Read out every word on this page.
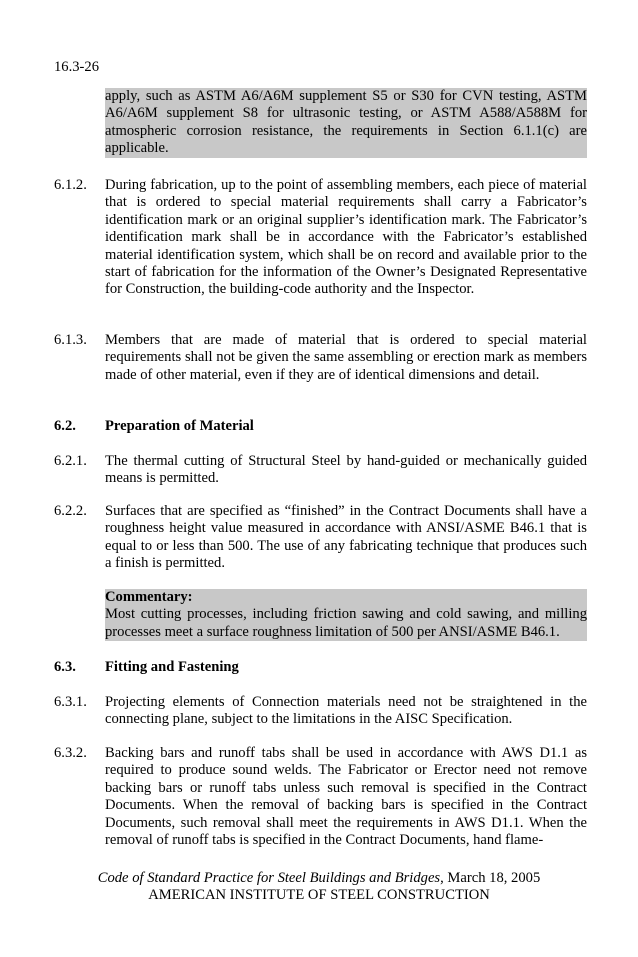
16.3-26
apply, such as ASTM A6/A6M supplement S5 or S30 for CVN testing, ASTM A6/A6M supplement S8 for ultrasonic testing, or ASTM A588/A588M for atmospheric corrosion resistance, the requirements in Section 6.1.1(c) are applicable.
6.1.2. During fabrication, up to the point of assembling members, each piece of material that is ordered to special material requirements shall carry a Fabricator’s identification mark or an original supplier’s identification mark. The Fabricator’s identification mark shall be in accordance with the Fabricator’s established material identification system, which shall be on record and available prior to the start of fabrication for the information of the Owner’s Designated Representative for Construction, the building-code authority and the Inspector.
6.1.3. Members that are made of material that is ordered to special material requirements shall not be given the same assembling or erection mark as members made of other material, even if they are of identical dimensions and detail.
6.2. Preparation of Material
6.2.1. The thermal cutting of Structural Steel by hand-guided or mechanically guided means is permitted.
6.2.2. Surfaces that are specified as “finished” in the Contract Documents shall have a roughness height value measured in accordance with ANSI/ASME B46.1 that is equal to or less than 500. The use of any fabricating technique that produces such a finish is permitted.
Commentary:
Most cutting processes, including friction sawing and cold sawing, and milling processes meet a surface roughness limitation of 500 per ANSI/ASME B46.1.
6.3. Fitting and Fastening
6.3.1. Projecting elements of Connection materials need not be straightened in the connecting plane, subject to the limitations in the AISC Specification.
6.3.2. Backing bars and runoff tabs shall be used in accordance with AWS D1.1 as required to produce sound welds. The Fabricator or Erector need not remove backing bars or runoff tabs unless such removal is specified in the Contract Documents. When the removal of backing bars is specified in the Contract Documents, such removal shall meet the requirements in AWS D1.1. When the removal of runoff tabs is specified in the Contract Documents, hand flame-
Code of Standard Practice for Steel Buildings and Bridges, March 18, 2005
AMERICAN INSTITUTE OF STEEL CONSTRUCTION
